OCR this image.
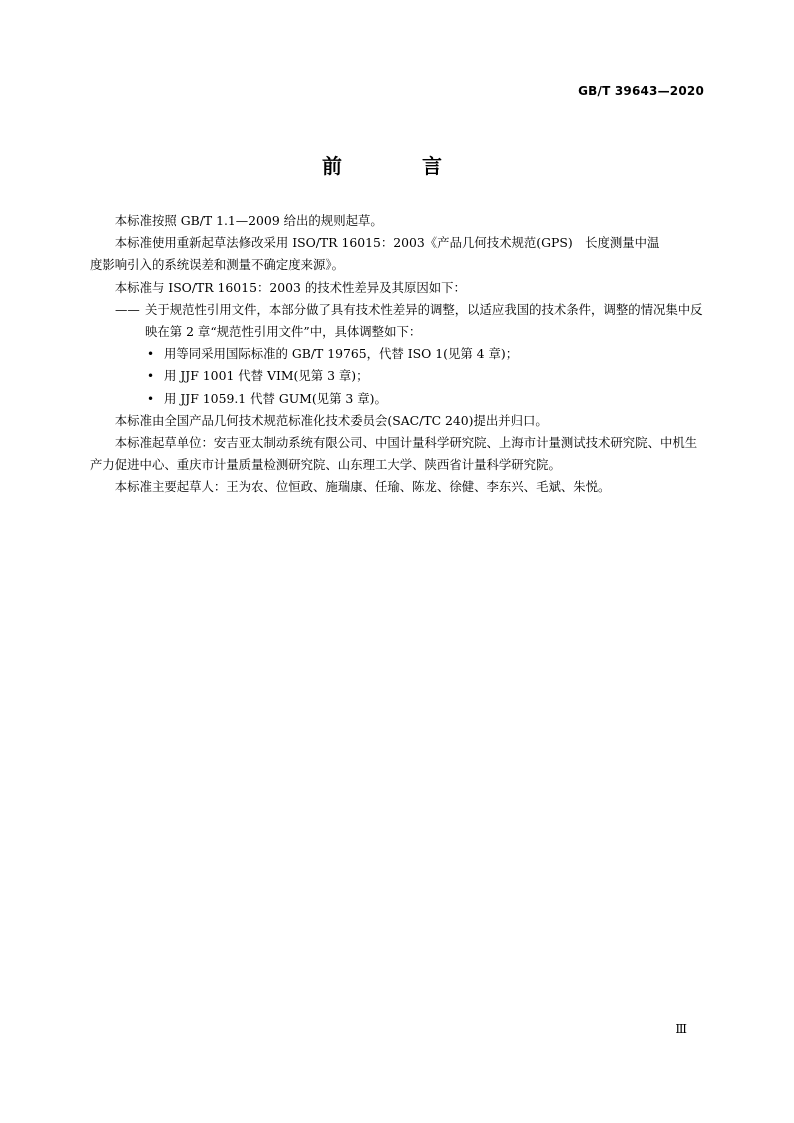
GB/T 39643—2020
前　言

本标准按照 GB/T 1.1—2009 给出的规则起草。

本标准使用重新起草法修改采用 ISO/TR 16015：2003《产品几何技术规范(GPS)　长度测量中温

度影响引入的系统误差和测量不确定度来源》。

本标准与 ISO/TR 16015：2003 的技术性差异及其原因如下：

—— 关于规范性引用文件，本部分做了具有技术性差异的调整，以适应我国的技术条件，调整的情况集中反映在第 2 章“规范性引用文件”中，具体调整如下：

• 用等同采用国际标准的 GB/T 19765，代替 ISO 1(见第 4 章)；

• 用 JJF 1001 代替 VIM(见第 3 章)；

• 用 JJF 1059.1 代替 GUM(见第 3 章)。

本标准由全国产品几何技术规范标准化技术委员会(SAC/TC 240)提出并归口。

本标准起草单位：安吉亚太制动系统有限公司、中国计量科学研究院、上海市计量测试技术研究院、中机生产力促进中心、重庆市计量质量检测研究院、山东理工大学、陕西省计量科学研究院。

本标准主要起草人：王为农、位恒政、施瑞康、任瑜、陈龙、徐健、李东兴、毛斌、朱悦。

Ⅲ
